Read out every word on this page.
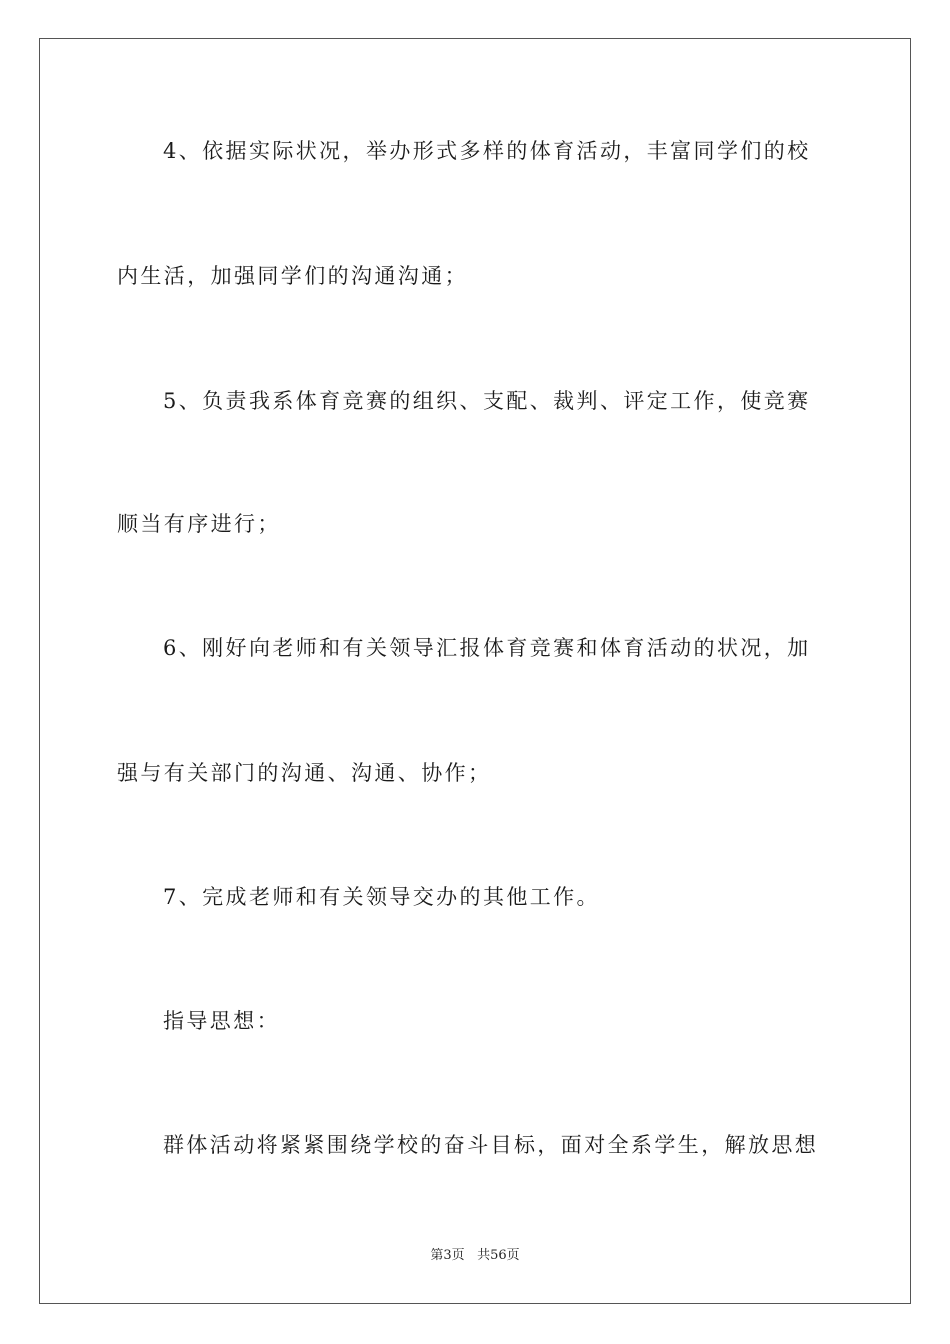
4、依据实际状况，举办形式多样的体育活动，丰富同学们的校
内生活，加强同学们的沟通沟通；
5、负责我系体育竞赛的组织、支配、裁判、评定工作，使竞赛
顺当有序进行；
6、刚好向老师和有关领导汇报体育竞赛和体育活动的状况，加
强与有关部门的沟通、沟通、协作；
7、完成老师和有关领导交办的其他工作。
指导思想：
群体活动将紧紧围绕学校的奋斗目标，面对全系学生，解放思想
第3页 共56页
